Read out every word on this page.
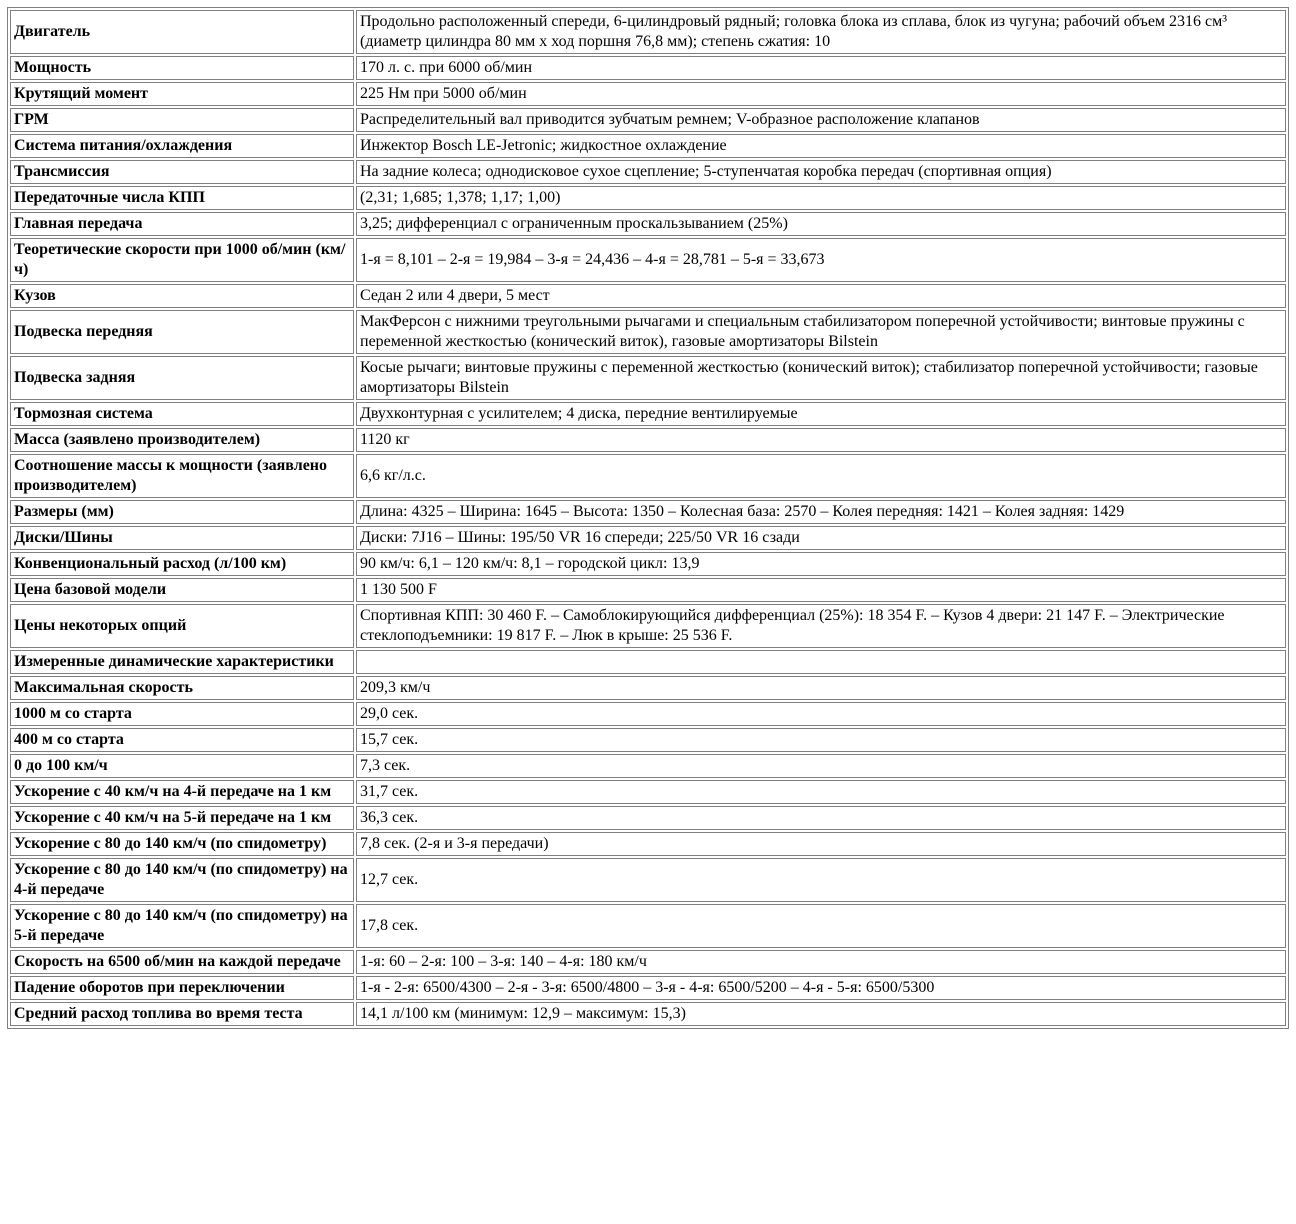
Двигатель	Продольно расположенный спереди, 6-цилиндровый рядный; головка блока из сплава, блок из чугуна; рабочий объем 2316 см³ (диаметр цилиндра 80 мм x ход поршня 76,8 мм); степень сжатия: 10
Мощность	170 л. с. при 6000 об/мин
Крутящий момент	225 Нм при 5000 об/мин
ГРМ	Распределительный вал приводится зубчатым ремнем; V-образное расположение клапанов
Система питания/охлаждения	Инжектор Bosch LE-Jetronic; жидкостное охлаждение
Трансмиссия	На задние колеса; однодисковое сухое сцепление; 5-ступенчатая коробка передач (спортивная опция)
Передаточные числа КПП	(2,31; 1,685; 1,378; 1,17; 1,00)
Главная передача	3,25; дифференциал с ограниченным проскальзыванием (25%)
Теоретические скорости при 1000 об/мин (км/ч)	1-я = 8,101 – 2-я = 19,984 – 3-я = 24,436 – 4-я = 28,781 – 5-я = 33,673
Кузов	Седан 2 или 4 двери, 5 мест
Подвеска передняя	МакФерсон с нижними треугольными рычагами и специальным стабилизатором поперечной устойчивости; винтовые пружины с переменной жесткостью (конический виток), газовые амортизаторы Bilstein
Подвеска задняя	Косые рычаги; винтовые пружины с переменной жесткостью (конический виток); стабилизатор поперечной устойчивости; газовые амортизаторы Bilstein
Тормозная система	Двухконтурная с усилителем; 4 диска, передние вентилируемые
Масса (заявлено производителем)	1120 кг
Соотношение массы к мощности (заявлено производителем)	6,6 кг/л.с.
Размеры (мм)	Длина: 4325 – Ширина: 1645 – Высота: 1350 – Колесная база: 2570 – Колея передняя: 1421 – Колея задняя: 1429
Диски/Шины	Диски: 7J16 – Шины: 195/50 VR 16 спереди; 225/50 VR 16 сзади
Конвенциональный расход (л/100 км)	90 км/ч: 6,1 – 120 км/ч: 8,1 – городской цикл: 13,9
Цена базовой модели	1 130 500 F
Цены некоторых опций	Спортивная КПП: 30 460 F. – Самоблокирующийся дифференциал (25%): 18 354 F. – Кузов 4 двери: 21 147 F. – Электрические стеклоподъемники: 19 817 F. – Люк в крыше: 25 536 F.
Измеренные динамические характеристики	
Максимальная скорость	209,3 км/ч
1000 м со старта	29,0 сек.
400 м со старта	15,7 сек.
0 до 100 км/ч	7,3 сек.
Ускорение с 40 км/ч на 4-й передаче на 1 км	31,7 сек.
Ускорение с 40 км/ч на 5-й передаче на 1 км	36,3 сек.
Ускорение с 80 до 140 км/ч (по спидометру)	7,8 сек. (2-я и 3-я передачи)
Ускорение с 80 до 140 км/ч (по спидометру) на 4-й передаче	12,7 сек.
Ускорение с 80 до 140 км/ч (по спидометру) на 5-й передаче	17,8 сек.
Скорость на 6500 об/мин на каждой передаче	1-я: 60 – 2-я: 100 – 3-я: 140 – 4-я: 180 км/ч
Падение оборотов при переключении	1-я - 2-я: 6500/4300 – 2-я - 3-я: 6500/4800 – 3-я - 4-я: 6500/5200 – 4-я - 5-я: 6500/5300
Средний расход топлива во время теста	14,1 л/100 км (минимум: 12,9 – максимум: 15,3)
